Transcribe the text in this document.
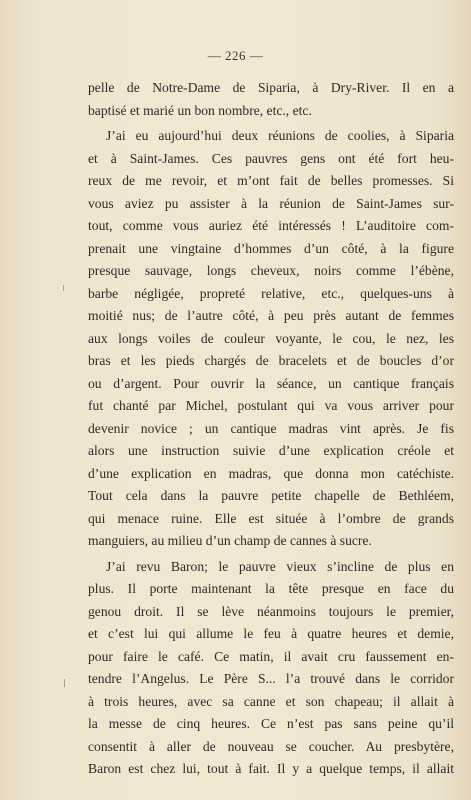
— 226 —
pelle de Notre-Dame de Siparia, à Dry-River. Il en a
baptisé et marié un bon nombre, etc., etc.
J’ai eu aujourd’hui deux réunions de coolies, à Siparia
et à Saint-James. Ces pauvres gens ont été fort heu-
reux de me revoir, et m’ont fait de belles promesses. Si
vous aviez pu assister à la réunion de Saint-James sur-
tout, comme vous auriez été intéressés ! L’auditoire com-
prenait une vingtaine d’hommes d’un côté, à la figure
presque sauvage, longs cheveux, noirs comme l’ébène,
barbe négligée, propreté relative, etc., quelques-uns à
moitié nus; de l’autre côté, à peu près autant de femmes
aux longs voiles de couleur voyante, le cou, le nez, les
bras et les pieds chargés de bracelets et de boucles d’or
ou d’argent. Pour ouvrir la séance, un cantique français
fut chanté par Michel, postulant qui va vous arriver pour
devenir novice ; un cantique madras vint après. Je fis
alors une instruction suivie d’une explication créole et
d’une explication en madras, que donna mon catéchiste.
Tout cela dans la pauvre petite chapelle de Bethléem,
qui menace ruine. Elle est située à l’ombre de grands
manguiers, au milieu d’un champ de cannes à sucre.
J’ai revu Baron; le pauvre vieux s’incline de plus en
plus. Il porte maintenant la tête presque en face du
genou droit. Il se lève néanmoins toujours le premier,
et c’est lui qui allume le feu à quatre heures et demie,
pour faire le café. Ce matin, il avait cru faussement en-
tendre l’Angelus. Le Père S... l’a trouvé dans le corridor
à trois heures, avec sa canne et son chapeau; il allait à
la messe de cinq heures. Ce n’est pas sans peine qu’il
consentit à aller de nouveau se coucher. Au presbytère,
Baron est chez lui, tout à fait. Il y a quelque temps, il allait
